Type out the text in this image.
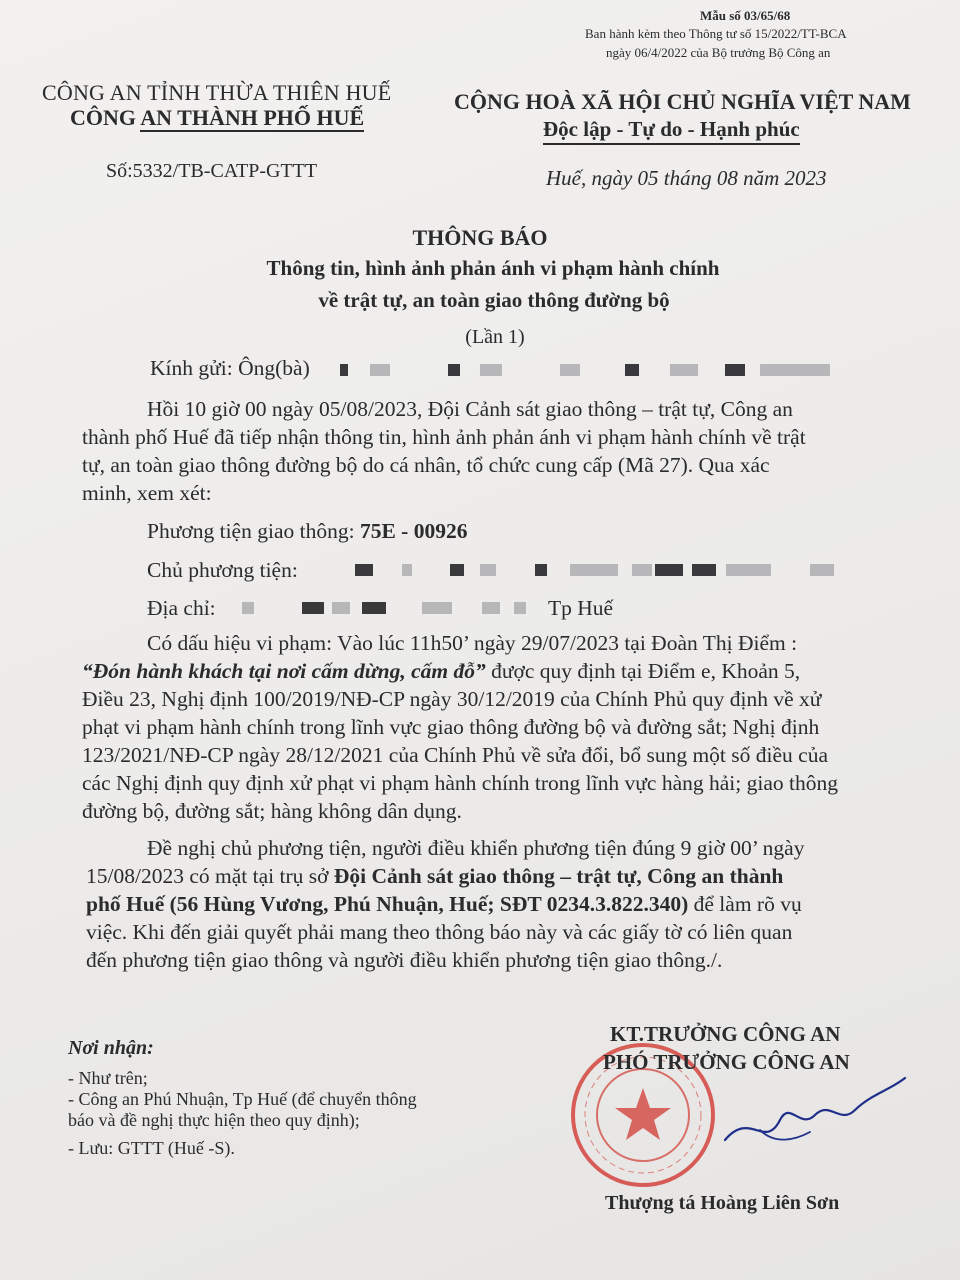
Mẫu số 03/65/68
Ban hành kèm theo Thông tư số 15/2022/TT-BCA
ngày 06/4/2022 của Bộ trưởng Bộ Công an
CÔNG AN TỈNH THỪA THIÊN HUẾ
CÔNG AN THÀNH PHỐ HUẾ
Số:5332/TB-CATP-GTTT
CỘNG HOÀ XÃ HỘI CHỦ NGHĨA VIỆT NAM
Độc lập - Tự do - Hạnh phúc
Huế, ngày 05 tháng 08 năm 2023
THÔNG BÁO
Thông tin, hình ảnh phản ánh vi phạm hành chính
về trật tự, an toàn giao thông đường bộ
(Lần 1)
Kính gửi: Ông(bà)
Hồi 10 giờ 00 ngày 05/08/2023, Đội Cảnh sát giao thông – trật tự, Công an
thành phố Huế đã tiếp nhận thông tin, hình ảnh phản ánh vi phạm hành chính về trật
tự, an toàn giao thông đường bộ do cá nhân, tổ chức cung cấp (Mã 27). Qua xác
minh, xem xét:
Phương tiện giao thông: 75E - 00926
Chủ phương tiện:
Địa chỉ:	Tp Huế
Có dấu hiệu vi phạm: Vào lúc 11h50’ ngày 29/07/2023 tại Đoàn Thị Điểm :
“Đón hành khách tại nơi cấm dừng, cấm đỗ” được quy định tại Điểm e, Khoản 5,
Điều 23, Nghị định 100/2019/NĐ-CP ngày 30/12/2019 của Chính Phủ quy định về xử
phạt vi phạm hành chính trong lĩnh vực giao thông đường bộ và đường sắt; Nghị định
123/2021/NĐ-CP ngày 28/12/2021 của Chính Phủ về sửa đổi, bổ sung một số điều của
các Nghị định quy định xử phạt vi phạm hành chính trong lĩnh vực hàng hải; giao thông
đường bộ, đường sắt; hàng không dân dụng.
Đề nghị chủ phương tiện, người điều khiển phương tiện đúng 9 giờ 00’ ngày
15/08/2023 có mặt tại trụ sở Đội Cảnh sát giao thông – trật tự, Công an thành
phố Huế (56 Hùng Vương, Phú Nhuận, Huế; SĐT 0234.3.822.340) để làm rõ vụ
việc. Khi đến giải quyết phải mang theo thông báo này và các giấy tờ có liên quan
đến phương tiện giao thông và người điều khiển phương tiện giao thông./.
Nơi nhận:
- Như trên;
- Công an Phú Nhuận, Tp Huế (để chuyển thông
báo và đề nghị thực hiện theo quy định);
- Lưu: GTTT (Huế -S).
KT.TRƯỞNG CÔNG AN
PHÓ TRƯỞNG CÔNG AN
Thượng tá Hoàng Liên Sơn
